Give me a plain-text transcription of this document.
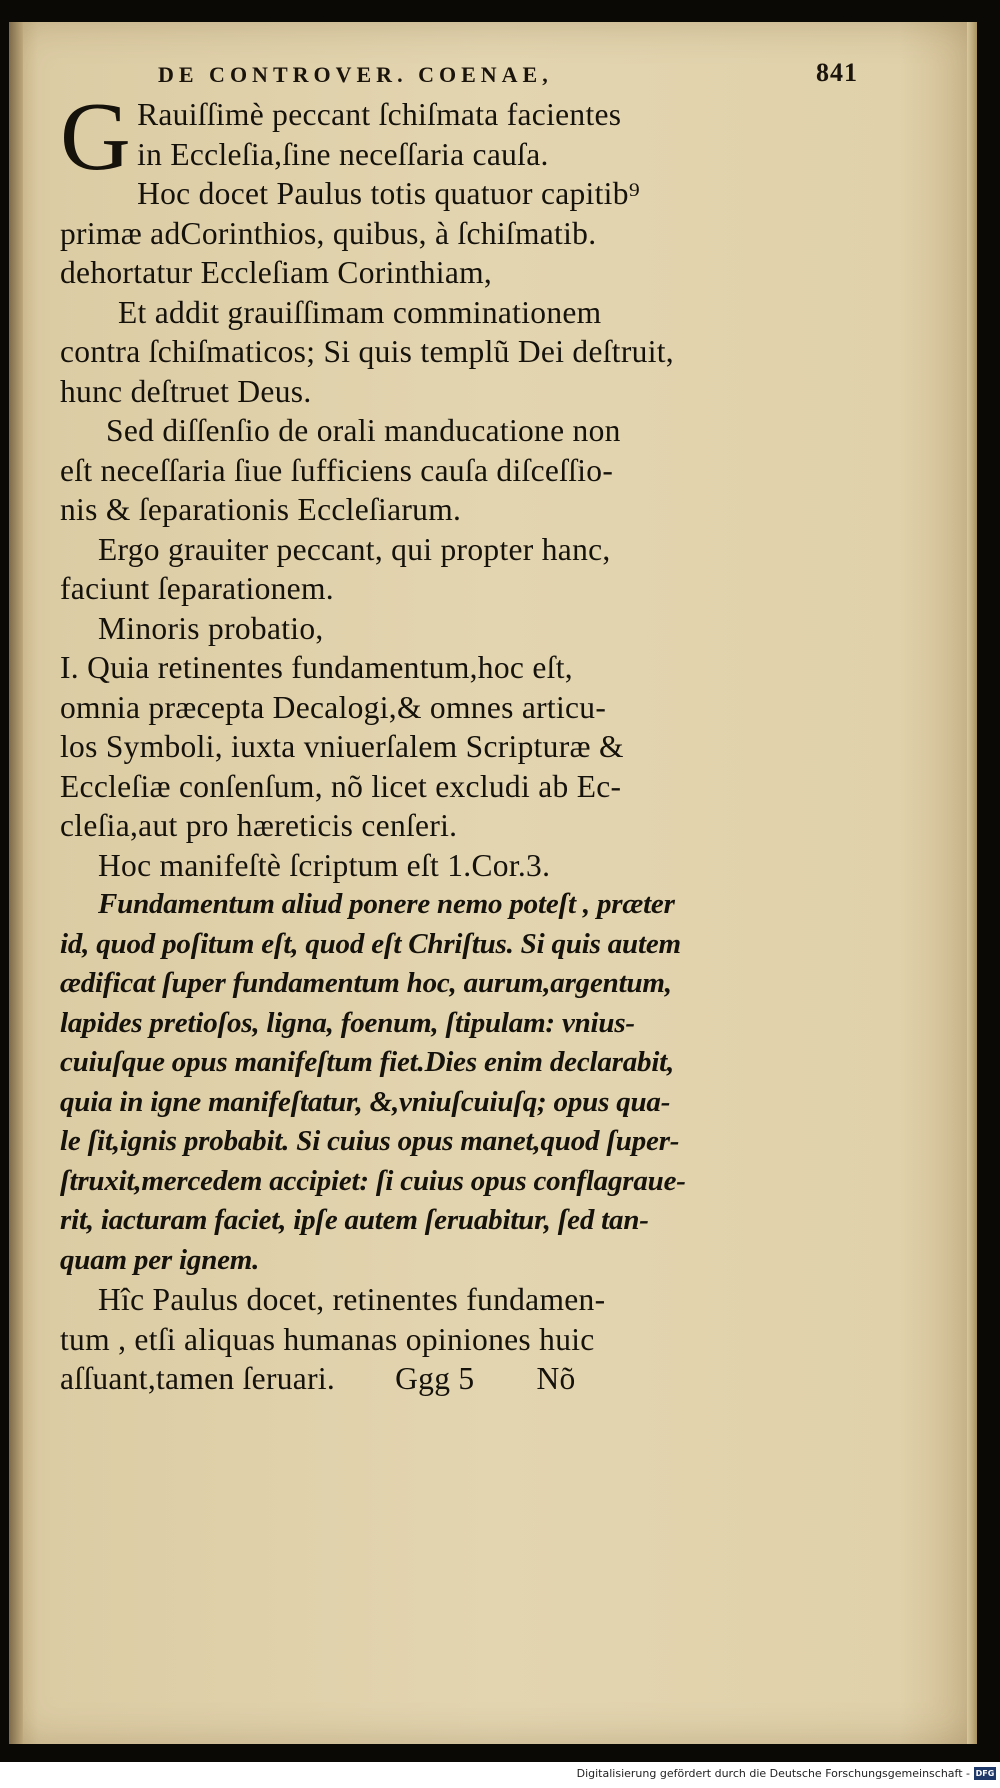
DE CONTROVER. COENAE,	841
G Rauiſſimè peccant ſchiſmata facientes
in Eccleſia,ſine neceſſaria cauſa.
Hoc docet Paulus totis quatuor capitib⁹
primæ adCorinthios, quibus, à ſchiſmatib.
dehortatur Eccleſiam Corinthiam,
Et addit grauiſſimam comminationem
contra ſchiſmaticos; Si quis templũ Dei deſtruit,
hunc deſtruet Deus.
Sed diſſenſio de orali manducatione non
eſt neceſſaria ſiue ſufficiens cauſa diſceſſio-
nis & ſeparationis Eccleſiarum.
Ergo grauiter peccant, qui propter hanc,
faciunt ſeparationem.
Minoris probatio,
I. Quia retinentes fundamentum,hoc eſt,
omnia præcepta Decalogi,& omnes articu-
los Symboli, iuxta vniuerſalem Scripturæ &
Eccleſiæ conſenſum, nõ licet excludi ab Ec-
cleſia,aut pro hæreticis cenſeri.
Hoc manifeſtè ſcriptum eſt 1.Cor.3.
Fundamentum aliud ponere nemo poteſt , præter
id, quod poſitum eſt, quod eſt Chriſtus. Si quis autem
ædificat ſuper fundamentum hoc, aurum,argentum,
lapides pretioſos, ligna, foenum, ſtipulam: vnius-
cuiuſque opus manifeſtum fiet.Dies enim declarabit,
quia in igne manifeſtatur, &,vniuſcuiuſq; opus qua-
le ſit,ignis probabit. Si cuius opus manet,quod ſuper-
ſtruxit,mercedem accipiet: ſi cuius opus conflagraue-
rit, iacturam faciet, ipſe autem ſeruabitur, ſed tan-
quam per ignem.
Hîc Paulus docet, retinentes fundamen-
tum , etſi aliquas humanas opiniones huic
aſſuant,tamen ſeruari. Ggg 5 Nõ
Digitalisierung gefördert durch die Deutsche Forschungsgemeinschaft - DFG
